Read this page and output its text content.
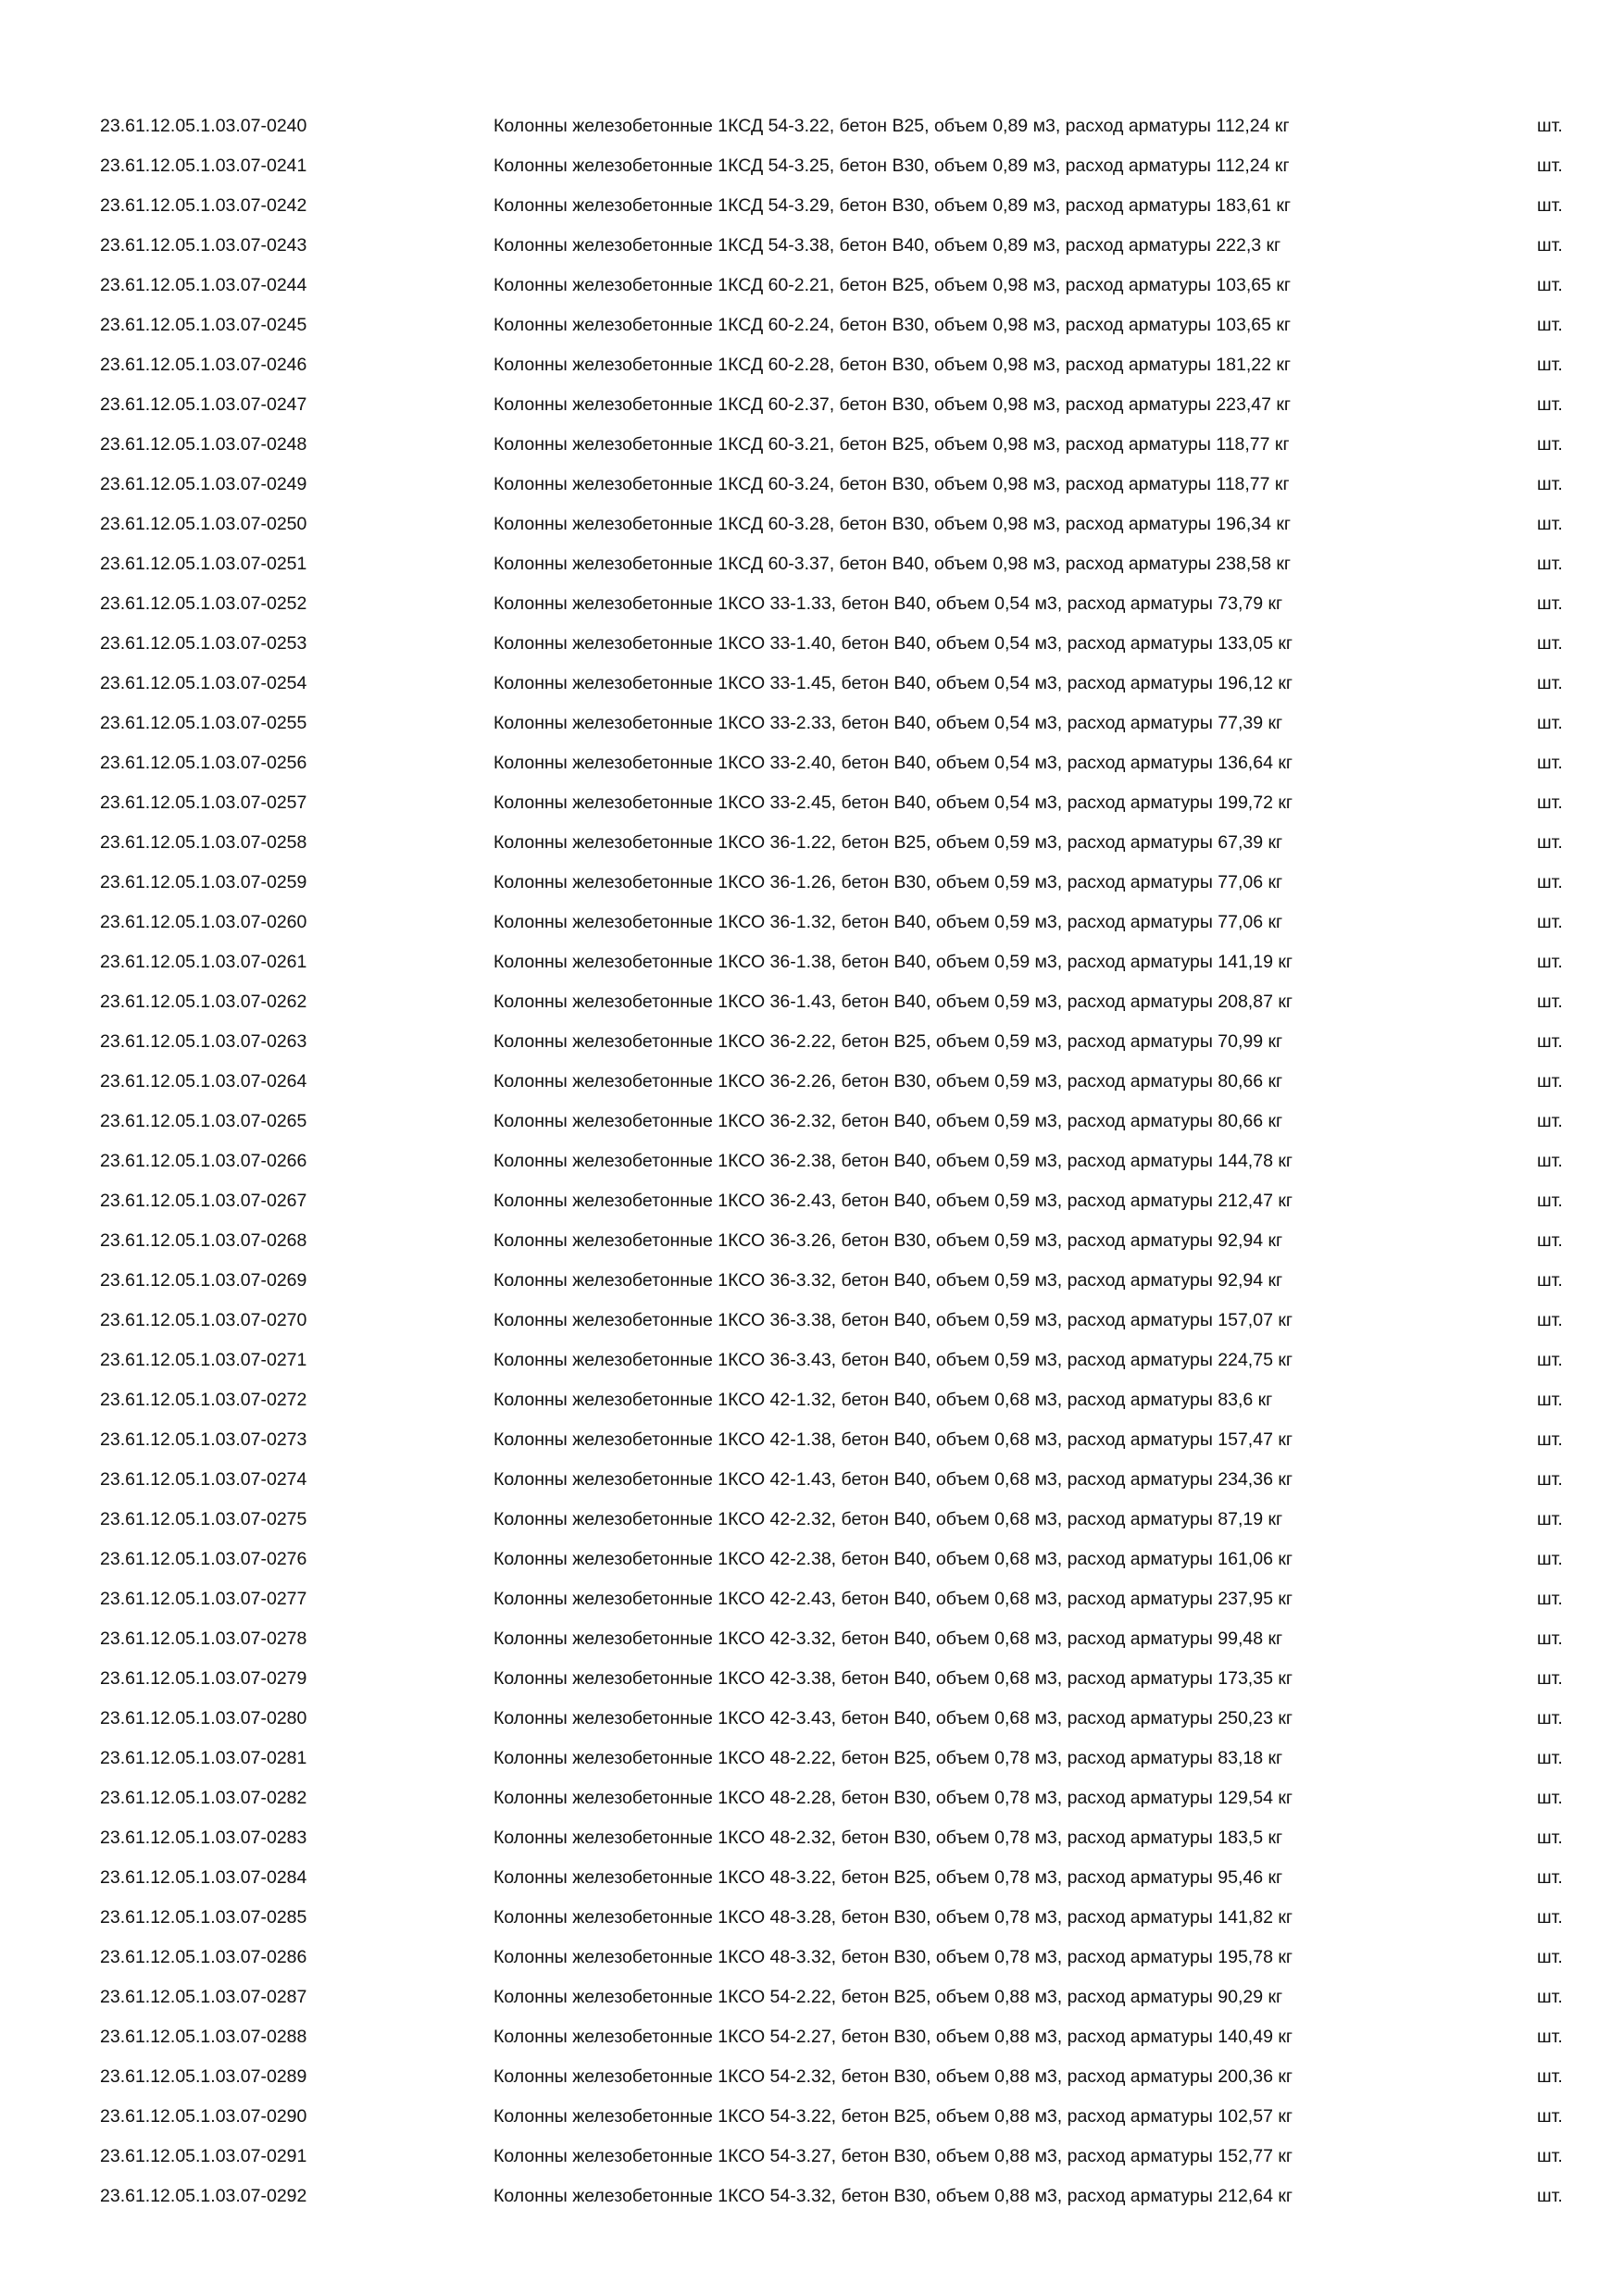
23.61.12.05.1.03.07-0240	Колонны железобетонные 1КСД 54-3.22, бетон В25, объем 0,89 м3, расход арматуры 112,24 кг	шт.
23.61.12.05.1.03.07-0241	Колонны железобетонные 1КСД 54-3.25, бетон В30, объем 0,89 м3, расход арматуры 112,24 кг	шт.
23.61.12.05.1.03.07-0242	Колонны железобетонные 1КСД 54-3.29, бетон В30, объем 0,89 м3, расход арматуры 183,61 кг	шт.
23.61.12.05.1.03.07-0243	Колонны железобетонные 1КСД 54-3.38, бетон В40, объем 0,89 м3, расход арматуры 222,3 кг	шт.
23.61.12.05.1.03.07-0244	Колонны железобетонные 1КСД 60-2.21, бетон В25, объем 0,98 м3, расход арматуры 103,65 кг	шт.
23.61.12.05.1.03.07-0245	Колонны железобетонные 1КСД 60-2.24, бетон В30, объем 0,98 м3, расход арматуры 103,65 кг	шт.
23.61.12.05.1.03.07-0246	Колонны железобетонные 1КСД 60-2.28, бетон В30, объем 0,98 м3, расход арматуры 181,22 кг	шт.
23.61.12.05.1.03.07-0247	Колонны железобетонные 1КСД 60-2.37, бетон В30, объем 0,98 м3, расход арматуры 223,47 кг	шт.
23.61.12.05.1.03.07-0248	Колонны железобетонные 1КСД 60-3.21, бетон В25, объем 0,98 м3, расход арматуры 118,77 кг	шт.
23.61.12.05.1.03.07-0249	Колонны железобетонные 1КСД 60-3.24, бетон В30, объем 0,98 м3, расход арматуры 118,77 кг	шт.
23.61.12.05.1.03.07-0250	Колонны железобетонные 1КСД 60-3.28, бетон В30, объем 0,98 м3, расход арматуры 196,34 кг	шт.
23.61.12.05.1.03.07-0251	Колонны железобетонные 1КСД 60-3.37, бетон В40, объем 0,98 м3, расход арматуры 238,58 кг	шт.
23.61.12.05.1.03.07-0252	Колонны железобетонные 1КСО 33-1.33, бетон В40, объем 0,54 м3, расход арматуры 73,79 кг	шт.
23.61.12.05.1.03.07-0253	Колонны железобетонные 1КСО 33-1.40, бетон В40, объем 0,54 м3, расход арматуры 133,05 кг	шт.
23.61.12.05.1.03.07-0254	Колонны железобетонные 1КСО 33-1.45, бетон В40, объем 0,54 м3, расход арматуры 196,12 кг	шт.
23.61.12.05.1.03.07-0255	Колонны железобетонные 1КСО 33-2.33, бетон В40, объем 0,54 м3, расход арматуры 77,39 кг	шт.
23.61.12.05.1.03.07-0256	Колонны железобетонные 1КСО 33-2.40, бетон В40, объем 0,54 м3, расход арматуры 136,64 кг	шт.
23.61.12.05.1.03.07-0257	Колонны железобетонные 1КСО 33-2.45, бетон В40, объем 0,54 м3, расход арматуры 199,72 кг	шт.
23.61.12.05.1.03.07-0258	Колонны железобетонные 1КСО 36-1.22, бетон В25, объем 0,59 м3, расход арматуры 67,39 кг	шт.
23.61.12.05.1.03.07-0259	Колонны железобетонные 1КСО 36-1.26, бетон В30, объем 0,59 м3, расход арматуры 77,06 кг	шт.
23.61.12.05.1.03.07-0260	Колонны железобетонные 1КСО 36-1.32, бетон В40, объем 0,59 м3, расход арматуры 77,06 кг	шт.
23.61.12.05.1.03.07-0261	Колонны железобетонные 1КСО 36-1.38, бетон В40, объем 0,59 м3, расход арматуры 141,19 кг	шт.
23.61.12.05.1.03.07-0262	Колонны железобетонные 1КСО 36-1.43, бетон В40, объем 0,59 м3, расход арматуры 208,87 кг	шт.
23.61.12.05.1.03.07-0263	Колонны железобетонные 1КСО 36-2.22, бетон В25, объем 0,59 м3, расход арматуры 70,99 кг	шт.
23.61.12.05.1.03.07-0264	Колонны железобетонные 1КСО 36-2.26, бетон В30, объем 0,59 м3, расход арматуры 80,66 кг	шт.
23.61.12.05.1.03.07-0265	Колонны железобетонные 1КСО 36-2.32, бетон В40, объем 0,59 м3, расход арматуры 80,66 кг	шт.
23.61.12.05.1.03.07-0266	Колонны железобетонные 1КСО 36-2.38, бетон В40, объем 0,59 м3, расход арматуры 144,78 кг	шт.
23.61.12.05.1.03.07-0267	Колонны железобетонные 1КСО 36-2.43, бетон В40, объем 0,59 м3, расход арматуры 212,47 кг	шт.
23.61.12.05.1.03.07-0268	Колонны железобетонные 1КСО 36-3.26, бетон В30, объем 0,59 м3, расход арматуры 92,94 кг	шт.
23.61.12.05.1.03.07-0269	Колонны железобетонные 1КСО 36-3.32, бетон В40, объем 0,59 м3, расход арматуры 92,94 кг	шт.
23.61.12.05.1.03.07-0270	Колонны железобетонные 1КСО 36-3.38, бетон В40, объем 0,59 м3, расход арматуры 157,07 кг	шт.
23.61.12.05.1.03.07-0271	Колонны железобетонные 1КСО 36-3.43, бетон В40, объем 0,59 м3, расход арматуры 224,75 кг	шт.
23.61.12.05.1.03.07-0272	Колонны железобетонные 1КСО 42-1.32, бетон В40, объем 0,68 м3, расход арматуры 83,6 кг	шт.
23.61.12.05.1.03.07-0273	Колонны железобетонные 1КСО 42-1.38, бетон В40, объем 0,68 м3, расход арматуры 157,47 кг	шт.
23.61.12.05.1.03.07-0274	Колонны железобетонные 1КСО 42-1.43, бетон В40, объем 0,68 м3, расход арматуры 234,36 кг	шт.
23.61.12.05.1.03.07-0275	Колонны железобетонные 1КСО 42-2.32, бетон В40, объем 0,68 м3, расход арматуры 87,19 кг	шт.
23.61.12.05.1.03.07-0276	Колонны железобетонные 1КСО 42-2.38, бетон В40, объем 0,68 м3, расход арматуры 161,06 кг	шт.
23.61.12.05.1.03.07-0277	Колонны железобетонные 1КСО 42-2.43, бетон В40, объем 0,68 м3, расход арматуры 237,95 кг	шт.
23.61.12.05.1.03.07-0278	Колонны железобетонные 1КСО 42-3.32, бетон В40, объем 0,68 м3, расход арматуры 99,48 кг	шт.
23.61.12.05.1.03.07-0279	Колонны железобетонные 1КСО 42-3.38, бетон В40, объем 0,68 м3, расход арматуры 173,35 кг	шт.
23.61.12.05.1.03.07-0280	Колонны железобетонные 1КСО 42-3.43, бетон В40, объем 0,68 м3, расход арматуры 250,23 кг	шт.
23.61.12.05.1.03.07-0281	Колонны железобетонные 1КСО 48-2.22, бетон В25, объем 0,78 м3, расход арматуры 83,18 кг	шт.
23.61.12.05.1.03.07-0282	Колонны железобетонные 1КСО 48-2.28, бетон В30, объем 0,78 м3, расход арматуры 129,54 кг	шт.
23.61.12.05.1.03.07-0283	Колонны железобетонные 1КСО 48-2.32, бетон В30, объем 0,78 м3, расход арматуры 183,5 кг	шт.
23.61.12.05.1.03.07-0284	Колонны железобетонные 1КСО 48-3.22, бетон В25, объем 0,78 м3, расход арматуры 95,46 кг	шт.
23.61.12.05.1.03.07-0285	Колонны железобетонные 1КСО 48-3.28, бетон В30, объем 0,78 м3, расход арматуры 141,82 кг	шт.
23.61.12.05.1.03.07-0286	Колонны железобетонные 1КСО 48-3.32, бетон В30, объем 0,78 м3, расход арматуры 195,78 кг	шт.
23.61.12.05.1.03.07-0287	Колонны железобетонные 1КСО 54-2.22, бетон В25, объем 0,88 м3, расход арматуры 90,29 кг	шт.
23.61.12.05.1.03.07-0288	Колонны железобетонные 1КСО 54-2.27, бетон В30, объем 0,88 м3, расход арматуры 140,49 кг	шт.
23.61.12.05.1.03.07-0289	Колонны железобетонные 1КСО 54-2.32, бетон В30, объем 0,88 м3, расход арматуры 200,36 кг	шт.
23.61.12.05.1.03.07-0290	Колонны железобетонные 1КСО 54-3.22, бетон В25, объем 0,88 м3, расход арматуры 102,57 кг	шт.
23.61.12.05.1.03.07-0291	Колонны железобетонные 1КСО 54-3.27, бетон В30, объем 0,88 м3, расход арматуры 152,77 кг	шт.
23.61.12.05.1.03.07-0292	Колонны железобетонные 1КСО 54-3.32, бетон В30, объем 0,88 м3, расход арматуры 212,64 кг	шт.
